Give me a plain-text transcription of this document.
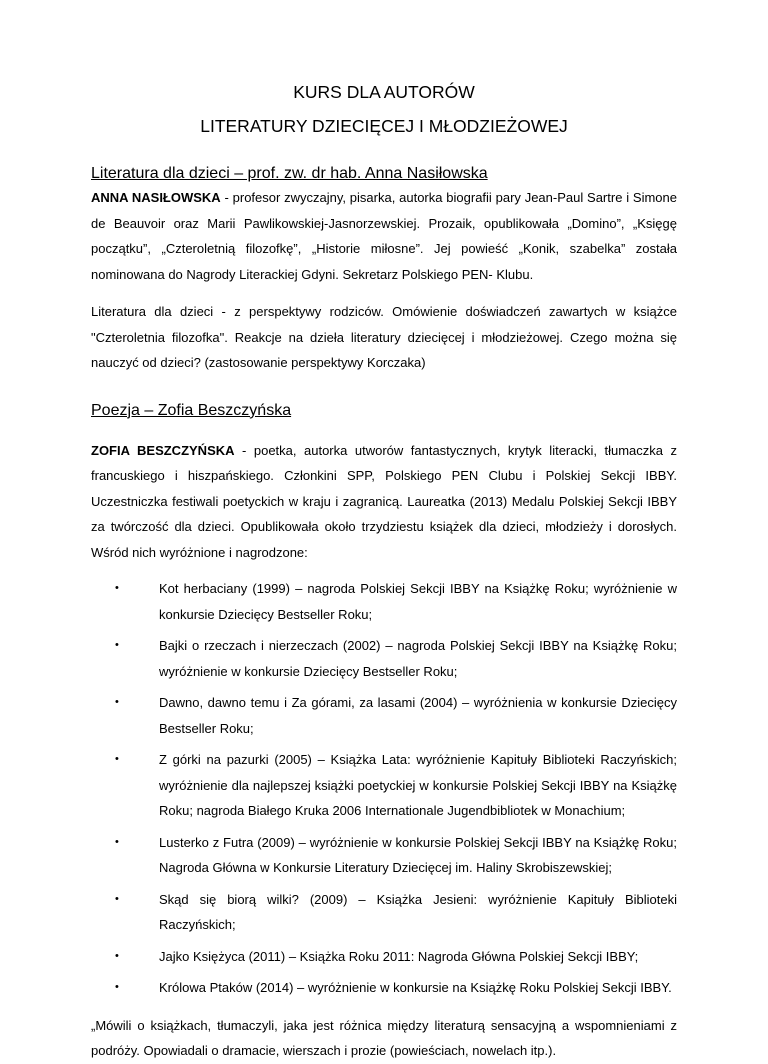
KURS DLA AUTORÓW
LITERATURY DZIECIĘCEJ I MŁODZIEŻOWEJ
Literatura dla dzieci – prof. zw. dr hab. Anna Nasiłowska

ANNA NASIŁOWSKA - profesor zwyczajny, pisarka, autorka biografii pary Jean-Paul Sartre i Simone de Beauvoir oraz Marii Pawlikowskiej-Jasnorzewskiej. Prozaik, opublikowała „Domino”, „Księgę początku”, „Czteroletnią filozofkę”, „Historie miłosne”. Jej powieść „Konik, szabelka” została nominowana do Nagrody Literackiej Gdyni. Sekretarz Polskiego PEN- Klubu.

Literatura dla dzieci - z perspektywy rodziców. Omówienie doświadczeń zawartych w książce "Czteroletnia filozofka". Reakcje na dzieła literatury dziecięcej i młodzieżowej. Czego można się nauczyć od dzieci? (zastosowanie perspektywy Korczaka)

Poezja – Zofia Beszczyńska

ZOFIA BESZCZYŃSKA - poetka, autorka utworów fantastycznych, krytyk literacki, tłumaczka z francuskiego i hiszpańskiego. Członkini SPP, Polskiego PEN Clubu i Polskiej Sekcji IBBY. Uczestniczka festiwali poetyckich w kraju i zagranicą. Laureatka (2013) Medalu Polskiej Sekcji IBBY za twórczość dla dzieci. Opublikowała około trzydziestu książek dla dzieci, młodzieży i dorosłych. Wśród nich wyróżnione i nagrodzone:

•	Kot herbaciany (1999) – nagroda Polskiej Sekcji IBBY na Książkę Roku; wyróżnienie w konkursie Dziecięcy Bestseller Roku;
•	Bajki o rzeczach i nierzeczach (2002) – nagroda Polskiej Sekcji IBBY na Książkę Roku; wyróżnienie w konkursie Dziecięcy Bestseller Roku;
•	Dawno, dawno temu i Za górami, za lasami (2004) – wyróżnienia w konkursie Dziecięcy Bestseller Roku;
•	Z górki na pazurki (2005) – Książka Lata: wyróżnienie Kapituły Biblioteki Raczyńskich; wyróżnienie dla najlepszej książki poetyckiej w konkursie Polskiej Sekcji IBBY na Książkę Roku; nagroda Białego Kruka 2006 Internationale Jugendbibliotek w Monachium;
•	Lusterko z Futra (2009) – wyróżnienie w konkursie Polskiej Sekcji IBBY na Książkę Roku; Nagroda Główna w Konkursie Literatury Dziecięcej im. Haliny Skrobiszewskiej;
•	Skąd się biorą wilki? (2009) – Książka Jesieni: wyróżnienie Kapituły Biblioteki Raczyńskich;
•	Jajko Księżyca (2011) – Książka Roku 2011: Nagroda Główna Polskiej Sekcji IBBY;
•	Królowa Ptaków (2014) – wyróżnienie w konkursie na Książkę Roku Polskiej Sekcji IBBY.

„Mówili o książkach, tłumaczyli, jaka jest różnica między literaturą sensacyjną a wspomnieniami z podróży. Opowiadali o dramacie, wierszach i prozie (powieściach, nowelach itp.).
